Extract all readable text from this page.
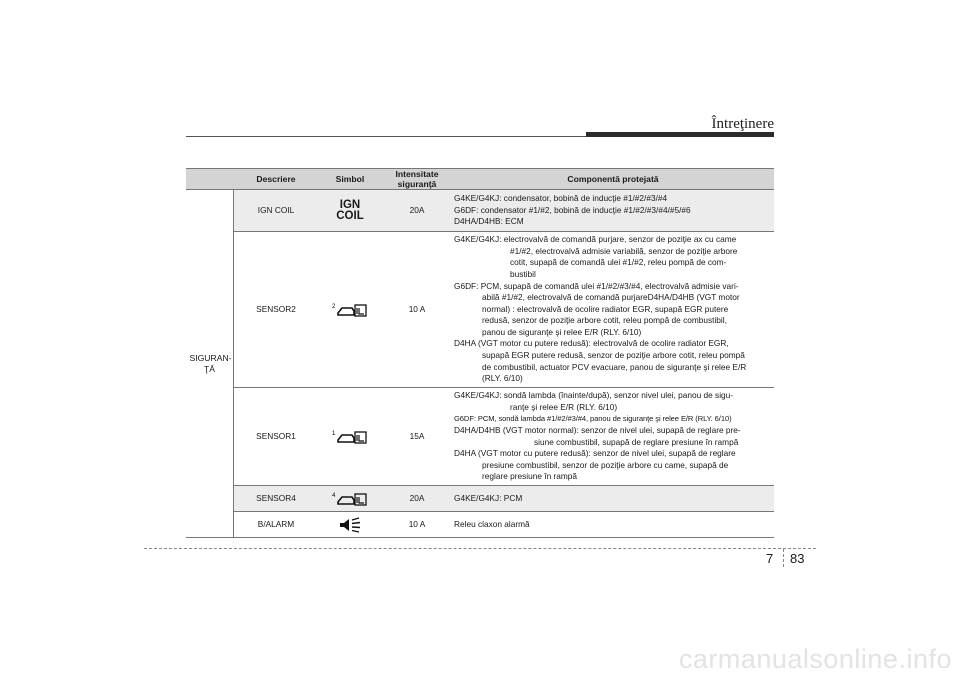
Întreţinere
Descriere	Simbol	Intensitate siguranţă	Componentă protejată
SIGURAN-ŢĂ
IGN COIL	IGN COIL	20A
G4KE/G4KJ: condensator, bobină de inducţie #1/#2/#3/#4
G6DF: condensator #1/#2, bobină de inducţie #1/#2/#3/#4/#5/#6
D4HA/D4HB: ECM
SENSOR2	2	10 A
G4KE/G4KJ: electrovalvă de comandă purjare, senzor de poziţie ax cu came
#1/#2, electrovalvă admisie variabilă, senzor de poziţie arbore
cotit, supapă de comandă ulei #1/#2, releu pompă de com-
bustibil
G6DF: PCM, supapă de comandă ulei #1/#2/#3/#4, electrovalvă admisie vari-
abilă #1/#2, electrovalvă de comandă purjareD4HA/D4HB (VGT motor
normal) : electrovalvă de ocolire radiator EGR, supapă EGR putere
redusă, senzor de poziţie arbore cotit, releu pompă de combustibil,
panou de siguranţe şi relee E/R (RLY. 6/10)
D4HA (VGT motor cu putere redusă): electrovalvă de ocolire radiator EGR,
supapă EGR putere redusă, senzor de poziţie arbore cotit, releu pompă
de combustibil, actuator PCV evacuare, panou de siguranţe şi relee E/R
(RLY. 6/10)
SENSOR1	1	15A
G4KE/G4KJ: sondă lambda (înainte/după), senzor nivel ulei, panou de sigu-
ranţe şi relee E/R (RLY. 6/10)
G6DF: PCM, sondă lambda #1/#2/#3/#4, panou de siguranţe şi relee E/R (RLY. 6/10)
D4HA/D4HB (VGT motor normal): senzor de nivel ulei, supapă de reglare pre-
siune combustibil, supapă de reglare presiune în rampă
D4HA (VGT motor cu putere redusă): senzor de nivel ulei, supapă de reglare
presiune combustibil, senzor de poziţie arbore cu came, supapă de
reglare presiune în rampă
SENSOR4	4	20A	G4KE/G4KJ: PCM
B/ALARM	10 A	Releu claxon alarmă
7 83
carmanualsonline.info
